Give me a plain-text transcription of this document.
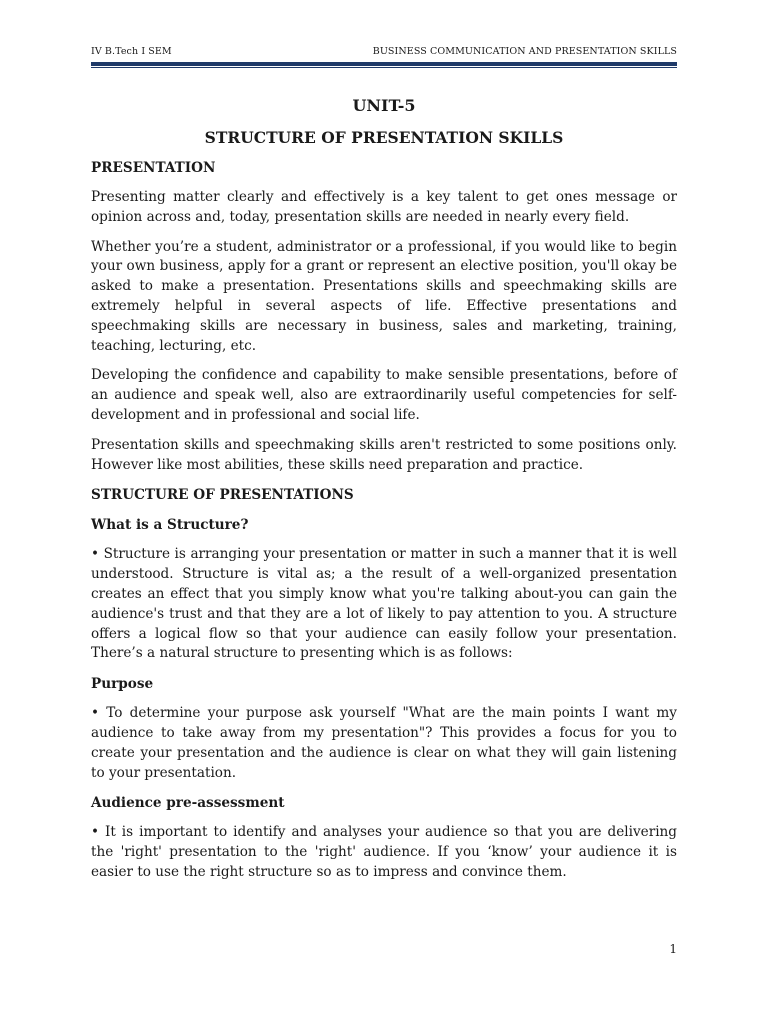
IV B.Tech I SEM	BUSINESS COMMUNICATION AND PRESENTATION SKILLS
UNIT-5
STRUCTURE OF PRESENTATION SKILLS
PRESENTATION

Presenting matter clearly and effectively is a key talent to get ones message or opinion across and, today, presentation skills are needed in nearly every field.

Whether you’re a student, administrator or a professional, if you would like to begin your own business, apply for a grant or represent an elective position, you'll okay be asked to make a presentation. Presentations skills and speechmaking skills are extremely helpful in several aspects of life. Effective presentations and speechmaking skills are necessary in business, sales and marketing, training, teaching, lecturing, etc.

Developing the confidence and capability to make sensible presentations, before of an audience and speak well, also are extraordinarily useful competencies for self-development and in professional and social life.

Presentation skills and speechmaking skills aren't restricted to some positions only. However like most abilities, these skills need preparation and practice.

STRUCTURE OF PRESENTATIONS
What is a Structure?

• Structure is arranging your presentation or matter in such a manner that it is well understood. Structure is vital as; a the result of a well-organized presentation creates an effect that you simply know what you're talking about-you can gain the audience's trust and that they are a lot of likely to pay attention to you. A structure offers a logical flow so that your audience can easily follow your presentation. There’s a natural structure to presenting which is as follows:

Purpose

• To determine your purpose ask yourself "What are the main points I want my audience to take away from my presentation"? This provides a focus for you to create your presentation and the audience is clear on what they will gain listening to your presentation.

Audience pre-assessment

• It is important to identify and analyses your audience so that you are delivering the 'right' presentation to the 'right' audience. If you ‘know’ your audience it is easier to use the right structure so as to impress and convince them.

1
